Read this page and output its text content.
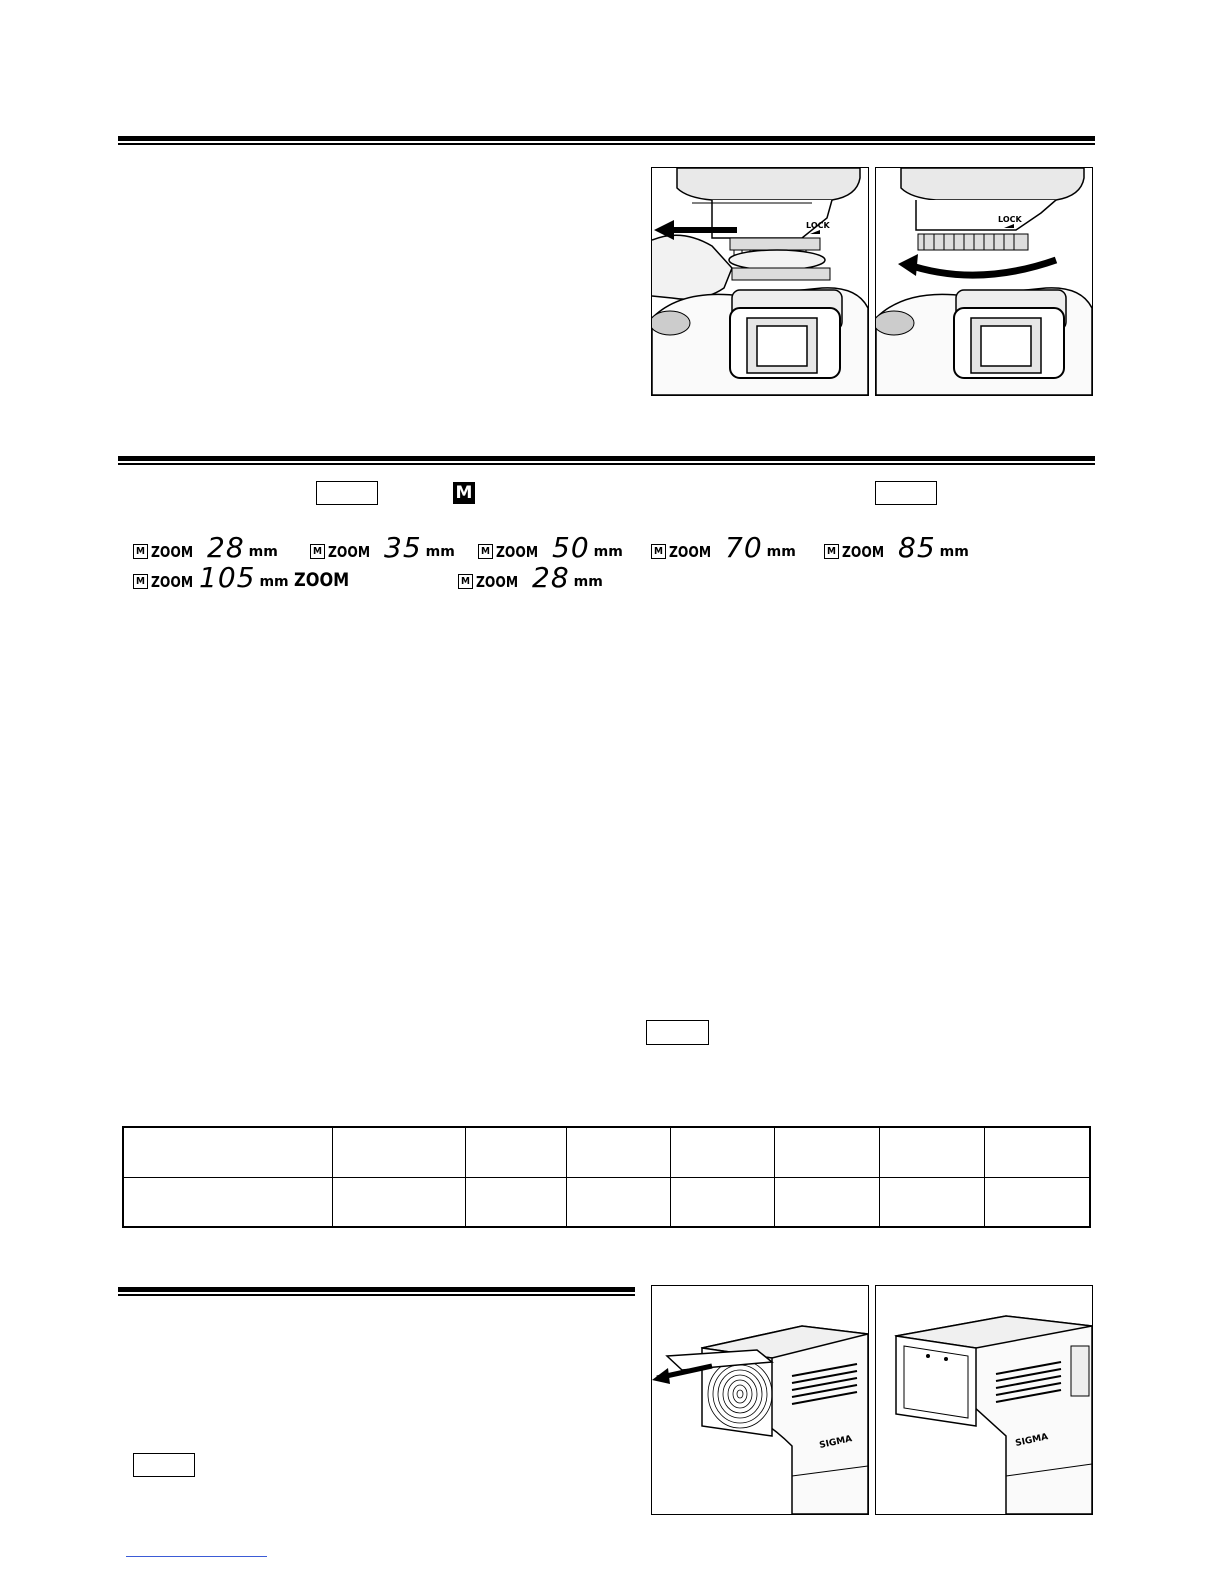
LOCK
LOCK
M
M ZOOM 28 mm	M ZOOM 35 mm	M ZOOM 50 mm	M ZOOM 70 mm	M ZOOM 85 mm
M ZOOM 105 mm ZOOM	M ZOOM 28 mm

SIGMA	SIGMA
